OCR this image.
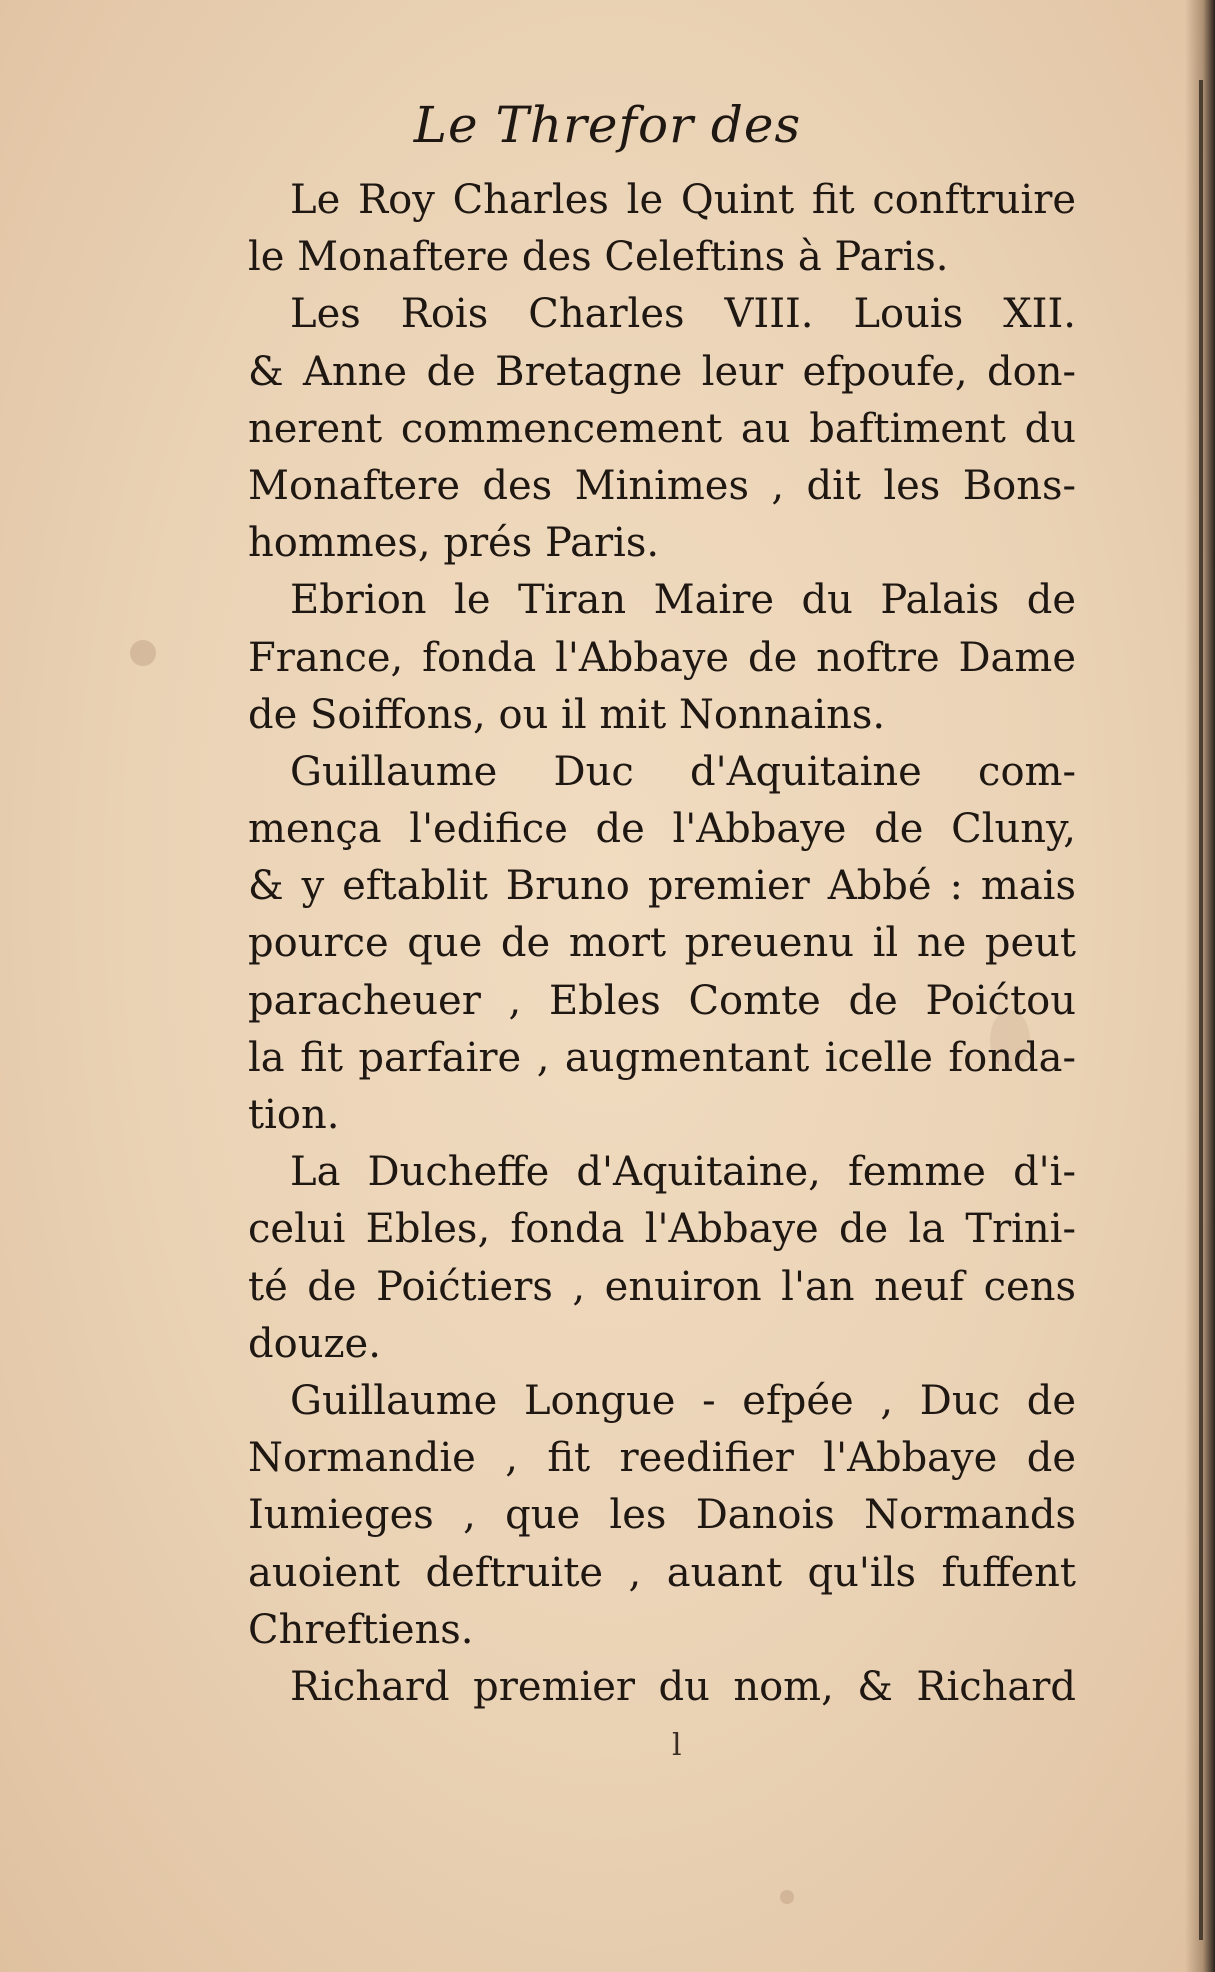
Le Threfor des
Le Roy Charles le Quint fit conftruire
le Monaftere des Celeftins à Paris.
Les Rois Charles VIII. Louis XII.
& Anne de Bretagne leur efpoufe, don-
nerent commencement au baftiment du
Monaftere des Minimes , dit les Bons-
hommes, prés Paris.
Ebrion le Tiran Maire du Palais de
France, fonda l'Abbaye de noftre Dame
de Soiffons, ou il mit Nonnains.
Guillaume Duc d'Aquitaine com-
mença l'edifice de l'Abbaye de Cluny,
& y eftablit Bruno premier Abbé : mais
pource que de mort preuenu il ne peut
paracheuer , Ebles Comte de Poićtou
la fit parfaire , augmentant icelle fonda-
tion.
La Ducheffe d'Aquitaine, femme d'i-
celui Ebles, fonda l'Abbaye de la Trini-
té de Poićtiers , enuiron l'an neuf cens
douze.
Guillaume Longue - efpée , Duc de
Normandie , fit reedifier l'Abbaye de
Iumieges , que les Danois Normands
auoient deftruite , auant qu'ils fuffent
Chreftiens.
Richard premier du nom, & Richard
l
